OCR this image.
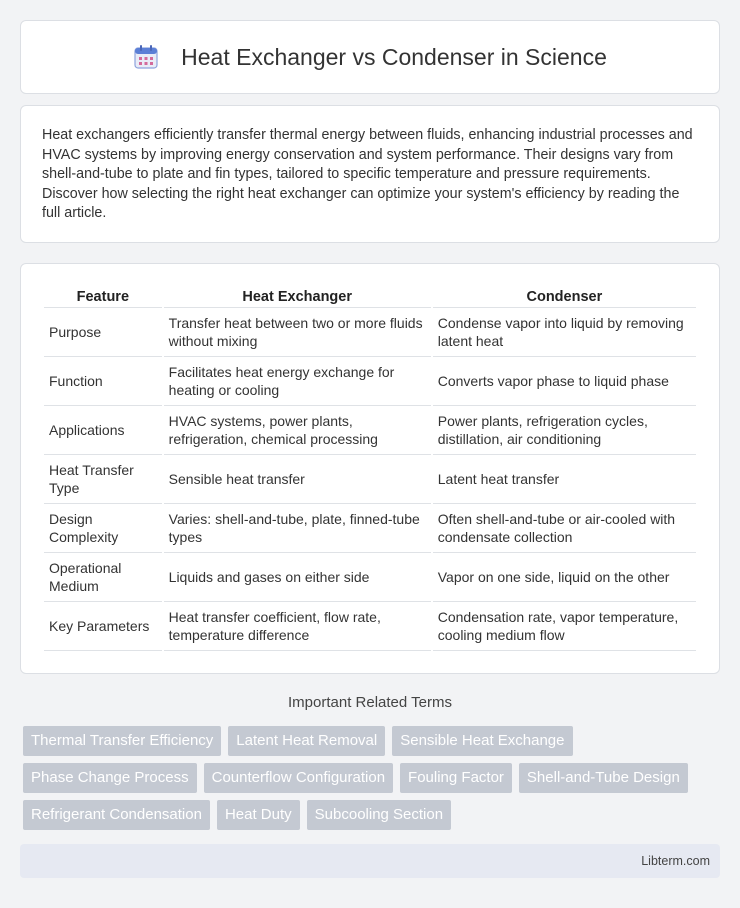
Heat Exchanger vs Condenser in Science

Heat exchangers efficiently transfer thermal energy between fluids, enhancing industrial processes and HVAC systems by improving energy conservation and system performance. Their designs vary from shell-and-tube to plate and fin types, tailored to specific temperature and pressure requirements. Discover how selecting the right heat exchanger can optimize your system's efficiency by reading the full article.

Feature	Heat Exchanger	Condenser
Purpose	Transfer heat between two or more fluids without mixing	Condense vapor into liquid by removing latent heat
Function	Facilitates heat energy exchange for heating or cooling	Converts vapor phase to liquid phase
Applications	HVAC systems, power plants, refrigeration, chemical processing	Power plants, refrigeration cycles, distillation, air conditioning
Heat Transfer Type	Sensible heat transfer	Latent heat transfer
Design Complexity	Varies: shell-and-tube, plate, finned-tube types	Often shell-and-tube or air-cooled with condensate collection
Operational Medium	Liquids and gases on either side	Vapor on one side, liquid on the other
Key Parameters	Heat transfer coefficient, flow rate, temperature difference	Condensation rate, vapor temperature, cooling medium flow
Important Related Terms
Thermal Transfer Efficiency	Latent Heat Removal	Sensible Heat Exchange
Phase Change Process	Counterflow Configuration	Fouling Factor	Shell-and-Tube Design
Refrigerant Condensation	Heat Duty	Subcooling Section
Libterm.com
